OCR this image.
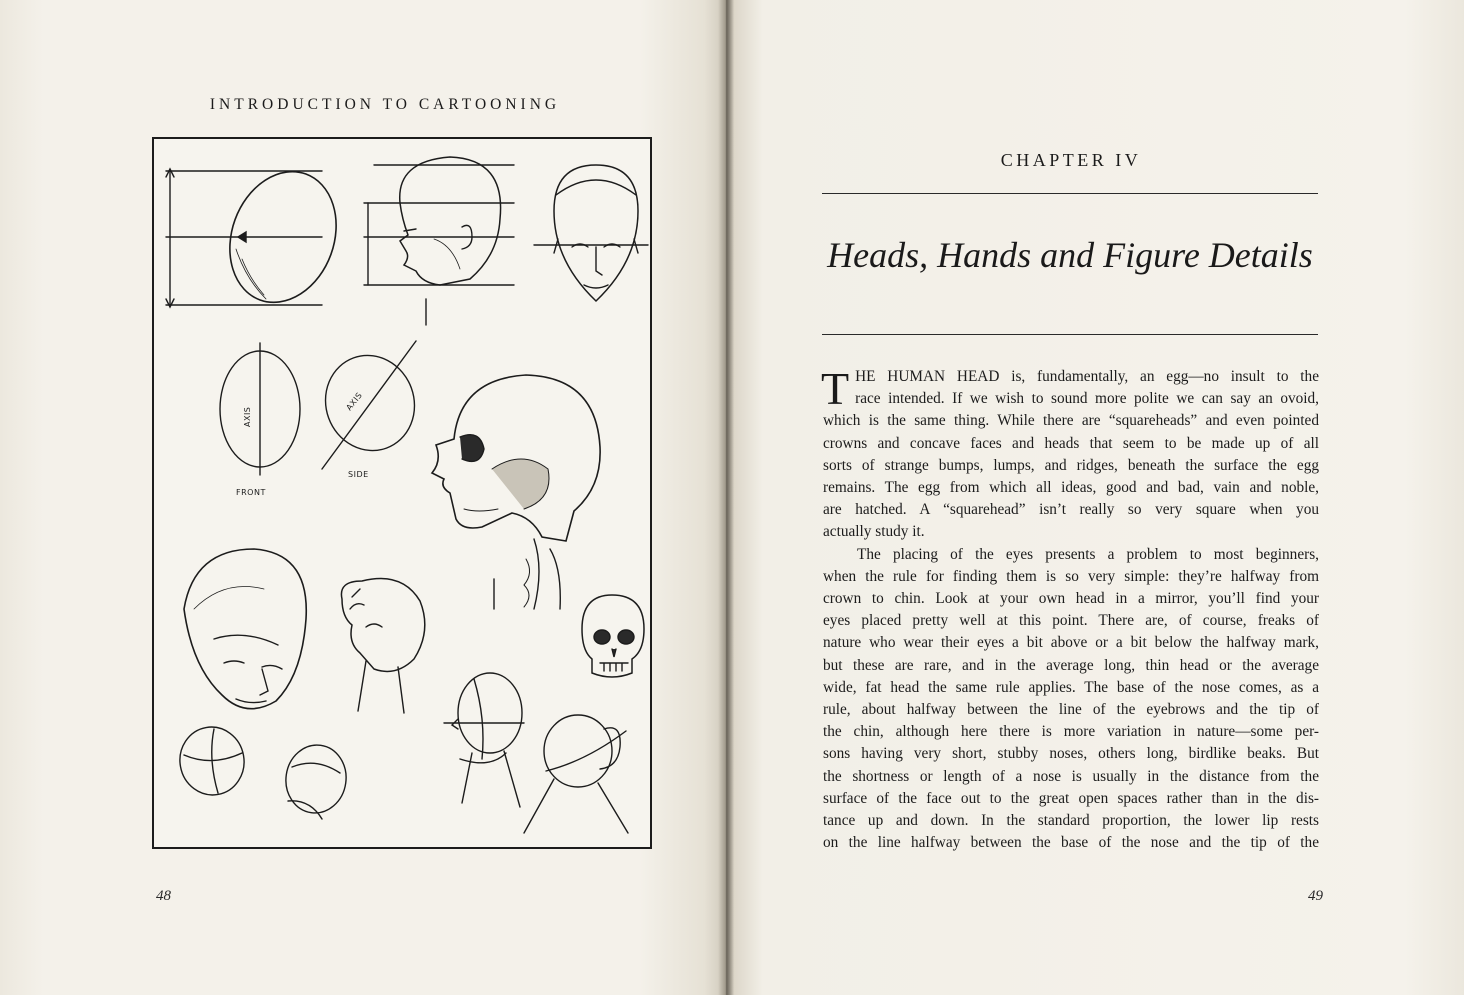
INTRODUCTION TO CARTOONING
AXIS
FRONT
AXIS
SIDE
48
CHAPTER IV
Heads, Hands and Figure Details
T HE HUMAN HEAD is, fundamentally, an egg—no insult to the
race intended. If we wish to sound more polite we can say an ovoid,
which is the same thing. While there are “squareheads” and even pointed
crowns and concave faces and heads that seem to be made up of all
sorts of strange bumps, lumps, and ridges, beneath the surface the egg
remains. The egg from which all ideas, good and bad, vain and noble,
are hatched. A “squarehead” isn’t really so very square when you
actually study it.
The placing of the eyes presents a problem to most beginners,
when the rule for finding them is so very simple: they’re halfway from
crown to chin. Look at your own head in a mirror, you’ll find your
eyes placed pretty well at this point. There are, of course, freaks of
nature who wear their eyes a bit above or a bit below the halfway mark,
but these are rare, and in the average long, thin head or the average
wide, fat head the same rule applies. The base of the nose comes, as a
rule, about halfway between the line of the eyebrows and the tip of
the chin, although here there is more variation in nature—some per-
sons having very short, stubby noses, others long, birdlike beaks. But
the shortness or length of a nose is usually in the distance from the
surface of the face out to the great open spaces rather than in the dis-
tance up and down. In the standard proportion, the lower lip rests
on the line halfway between the base of the nose and the tip of the
49
